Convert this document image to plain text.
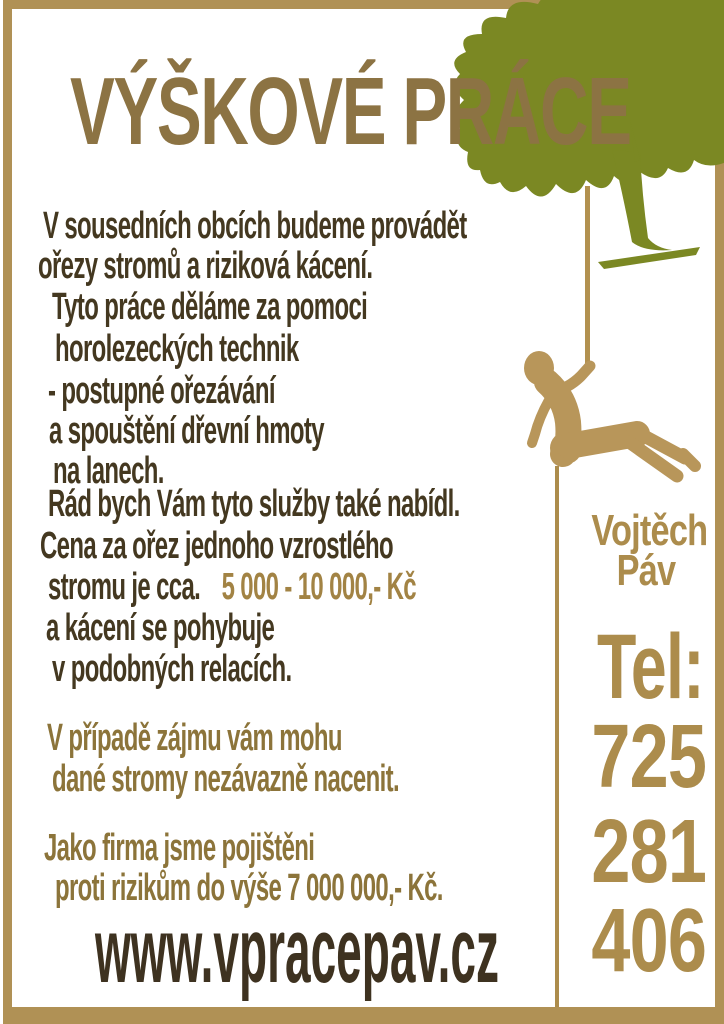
VÝŠKOVÉ PRÁCE
V sousedních obcích budeme provádět
ořezy stromů a riziková kácení.
Tyto práce děláme za pomoci
horolezeckých technik
- postupné ořezávání
a spouštění dřevní hmoty
na lanech.
Rád bych Vám tyto služby také nabídl.
Cena za ořez jednoho vzrostlého
stromu je cca. 5 000 - 10 000,- Kč
a kácení se pohybuje
v podobných relacích.
V případě zájmu vám mohu
dané stromy nezávazně nacenit.
Jako firma jsme pojištěni
proti rizikům do výše 7 000 000,- Kč.
Vojtěch
Páv
Tel:
725
281
406
www.vpracepav.cz
